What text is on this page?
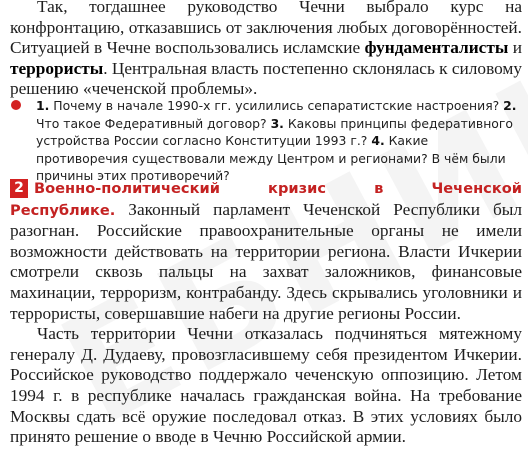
Так, тогдашнее руководство Чечни выбрало курс на конфронтацию, отказавшись от заключения любых договорённостей. Ситуацией в Чечне воспользовались исламские фундаменталисты и террористы. Центральная власть постепенно склонялась к силовому решению «чеченской проблемы».
1. Почему в начале 1990-х гг. усилились сепаратистские настроения? 2. Что такое Федеративный договор? 3. Каковы принципы федеративного устройства России согласно Конституции 1993 г.? 4. Какие противоречия существовали между Центром и регионами? В чём были причины этих противоречий?
2 Военно-политический кризис в Чеченской Республике. Законный парламент Чеченской Республики был разогнан. Российские правоохранительные органы не имели возможности действовать на территории региона. Власти Ичкерии смотрели сквозь пальцы на захват заложников, финансовые махинации, терроризм, контрабанду. Здесь скрывались уголовники и террористы, совершавшие набеги на другие регионы России.
Часть территории Чечни отказалась подчиняться мятежному генералу Д. Дудаеву, провозгласившему себя президентом Ичкерии. Российское руководство поддержало чеченскую оппозицию. Летом 1994 г. в республике началась гражданская война. На требование Москвы сдать всё оружие последовал отказ. В этих условиях было принято решение о вводе в Чечню Российской армии.
